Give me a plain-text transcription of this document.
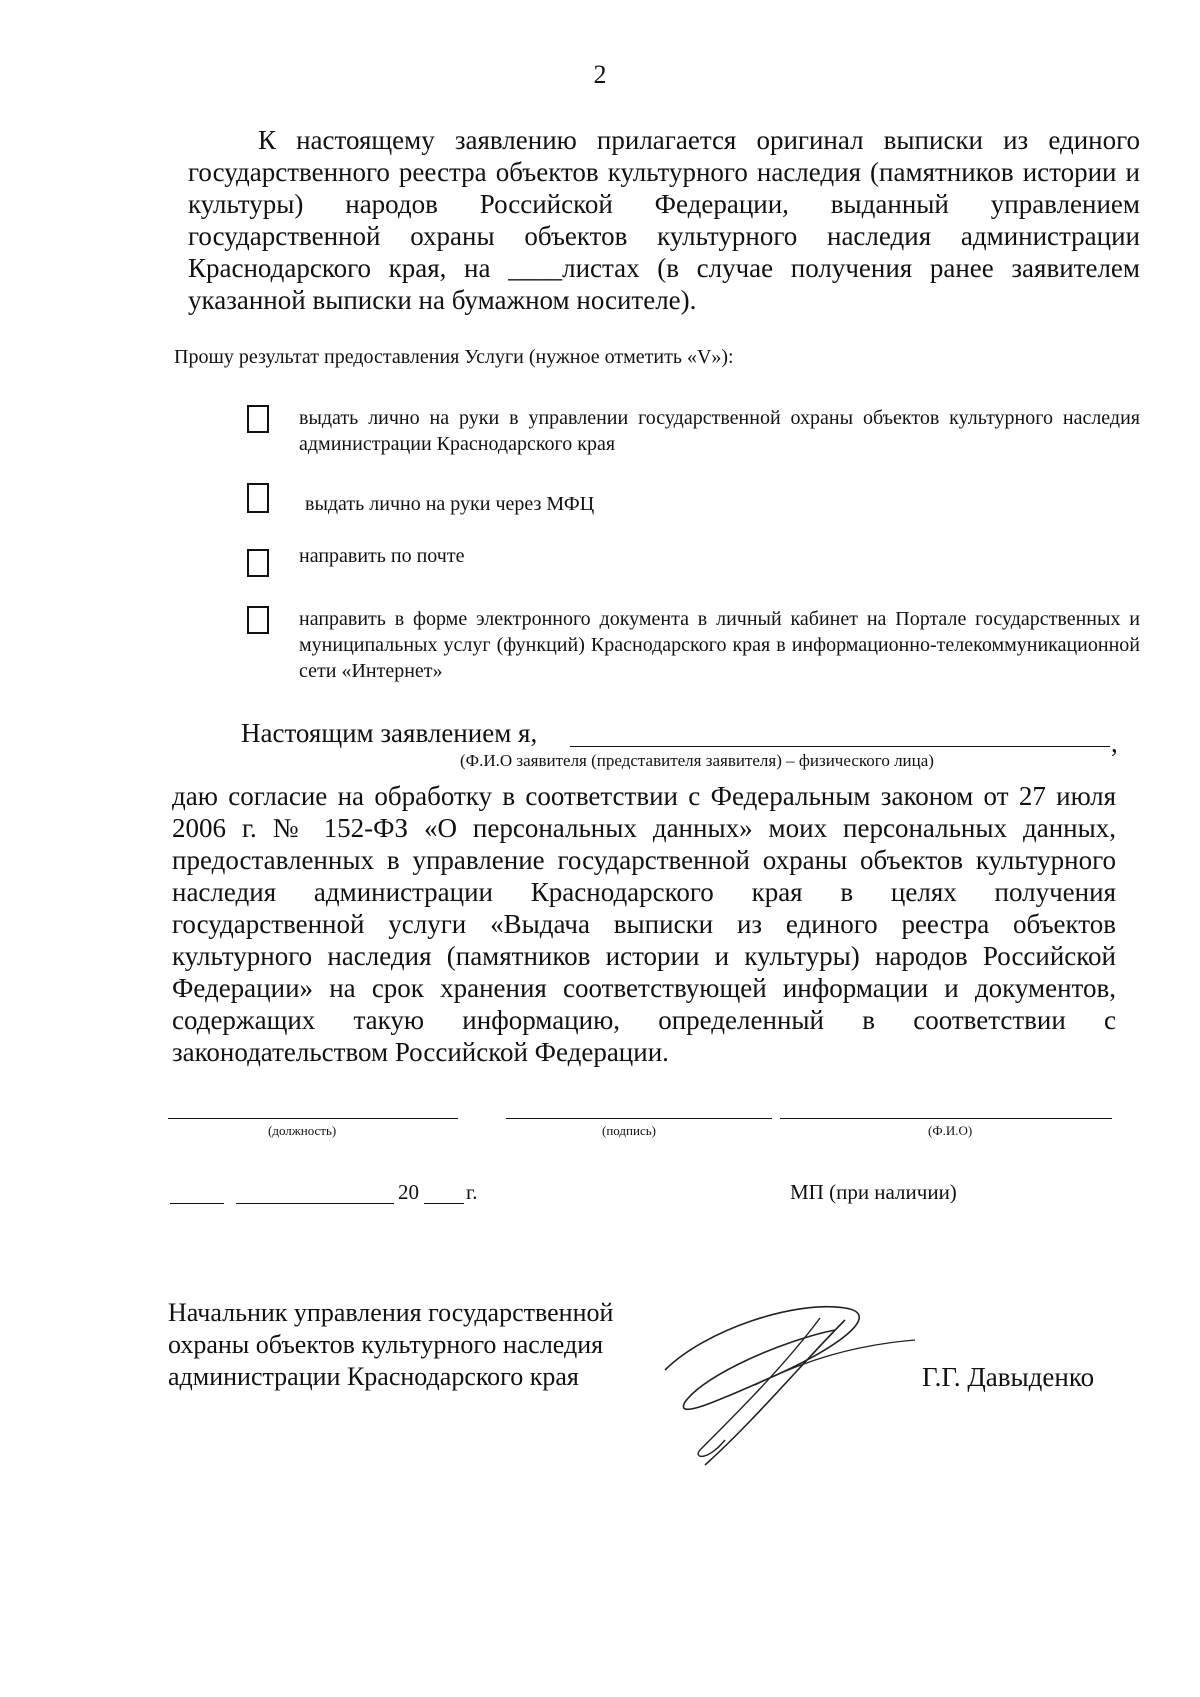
2
К настоящему заявлению прилагается оригинал выписки из единого государственного реестра объектов культурного наследия (памятников истории и культуры) народов Российской Федерации, выданный управлением государственной охраны объектов культурного наследия администрации Краснодарского края, на ____листах (в случае получения ранее заявителем указанной выписки на бумажном носителе).
Прошу результат предоставления Услуги (нужное отметить «V»):
выдать лично на руки в управлении государственной охраны объектов культурного наследия администрации Краснодарского края
выдать лично на руки через МФЦ
направить по почте
направить в форме электронного документа в личный кабинет на Портале государственных и муниципальных услуг (функций) Краснодарского края в информационно-телекоммуникационной сети «Интернет»
Настоящим заявлением я,	,
(Ф.И.О заявителя (представителя заявителя) – физического лица)
даю согласие на обработку в соответствии с Федеральным законом от 27 июля 2006 г. № 152-ФЗ «О персональных данных» моих персональных данных, предоставленных в управление государственной охраны объектов культурного наследия администрации Краснодарского края в целях получения государственной услуги «Выдача выписки из единого реестра объектов культурного наследия (памятников истории и культуры) народов Российской Федерации» на срок хранения соответствующей информации и документов, содержащих такую информацию, определенный в соответствии с законодательством Российской Федерации.
(должность)	(подпись)	(Ф.И.О)
20 г.	МП (при наличии)
Начальник управления государственной
охраны объектов культурного наследия
администрации Краснодарского края	Г.Г. Давыденко
